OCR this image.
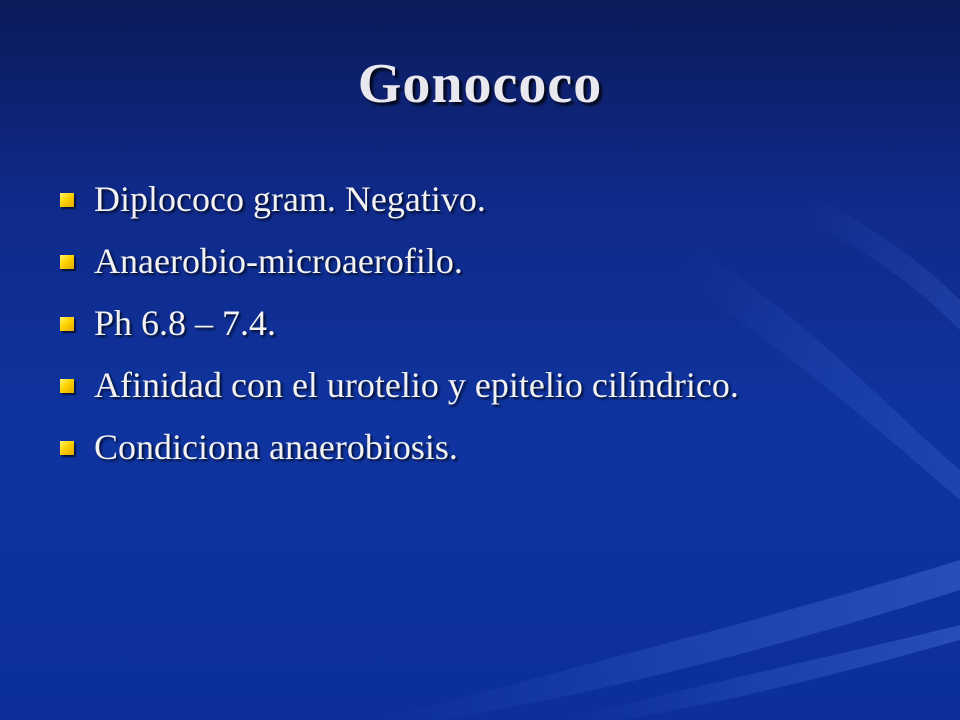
Gonococo
Diplococo gram. Negativo.
Anaerobio-microaerofilo.
Ph 6.8 – 7.4.
Afinidad con el urotelio y epitelio cilíndrico.
Condiciona anaerobiosis.
